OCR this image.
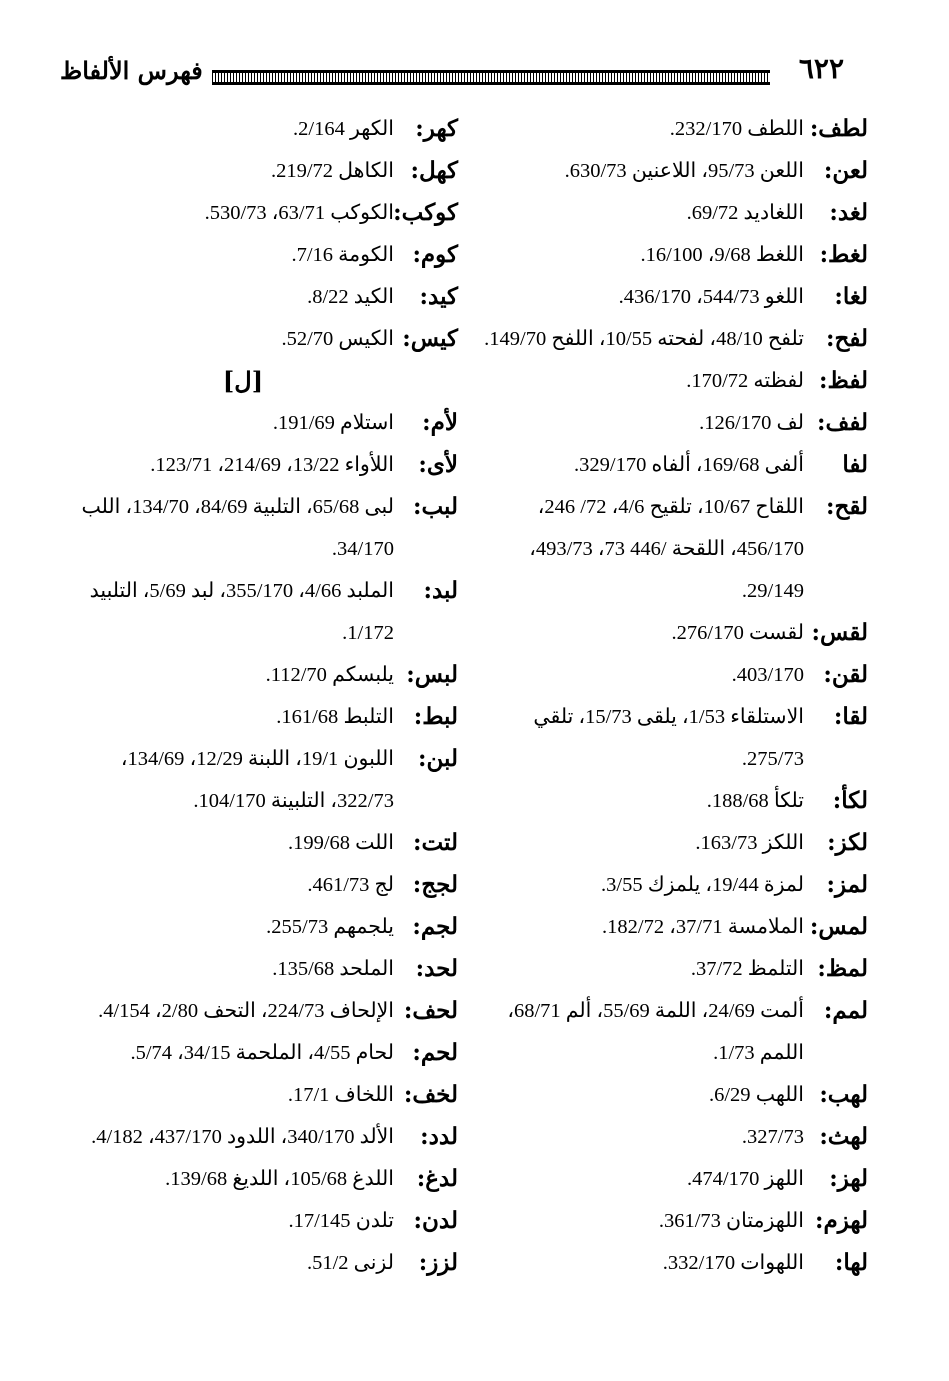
٦٢٢
فهرس الألفاظ
كهر:
الكهر 2/164.
كهل:
الكاهل 219/72.
كوكب:
الكوكب 63/71، 530/73.
كوم:
الكومة 7/16.
كيد:
الكيد 8/22.
كيس:
الكيس 52/70.
[ل]
لأم:
استلام 191/69.
لأى:
اللأواء 13/22، 214/69، 123/71.
لبب:
لبى 65/68، التلبية 84/69، 134/70، اللب 34/170.
لبد:
الملبد 4/66، 355/170، لبد 5/69، التلبيد 1/172.
لبس:
يلبسكم 112/70.
لبط:
التلبط 161/68.
لبن:
اللبون 19/1، اللبنة 12/29، 134/69، 322/73، التلبينة 104/170.
لتت:
اللت 199/68.
لجج:
لج 461/73.
لجم:
يلجمهم 255/73.
لحد:
الملحد 135/68.
لحف:
الإلحاف 224/73، التحف 2/80، 4/154.
لحم:
لحام 4/55، الملحمة 34/15، 5/74.
لخف:
اللخاف 17/1.
لدد:
الألد 340/170، اللدود 437/170، 4/182.
لدغ:
اللدغ 105/68، اللديغ 139/68.
لدن:
تلدن 17/145.
لزز:
لزنى 51/2.
لطف:
اللطف 232/170.
لعن:
اللعن 95/73، اللاعنين 630/73.
لغد:
اللغاديد 69/72.
لغط:
اللغط 9/68، 16/100.
لغا:
اللغو 544/73، 436/170.
لفح:
تلفح 48/10، لفحته 10/55، اللفح 149/70.
لفظ:
لفظته 170/72.
لفف:
لف 126/170.
لفا
ألفى 169/68، ألفاه 329/170.
لقح:
اللقاح 10/67، تلقيح 4/6، 72/ 246، 456/170، اللقحة /446 73، 493/73، 29/149.
لقس:
لقست 276/170.
لقن:
403/170.
لقا:
الاستلقاء 1/53، يلقى 15/73، تلقي 275/73.
لكأ:
تلكأ 188/68.
لكز:
اللكز 163/73.
لمز:
لمزة 19/44، يلمزك 3/55.
لمس:
الملامسة 37/71، 182/72.
لمظ:
التلمظ 37/72.
لمم:
ألمت 24/69، اللمة 55/69، ألم 68/71، اللمم 1/73.
لهب:
اللهب 6/29.
لهث:
327/73.
لهز:
اللهز 474/170.
لهزم:
اللهزمتان 361/73.
لها:
اللهوات 332/170.
